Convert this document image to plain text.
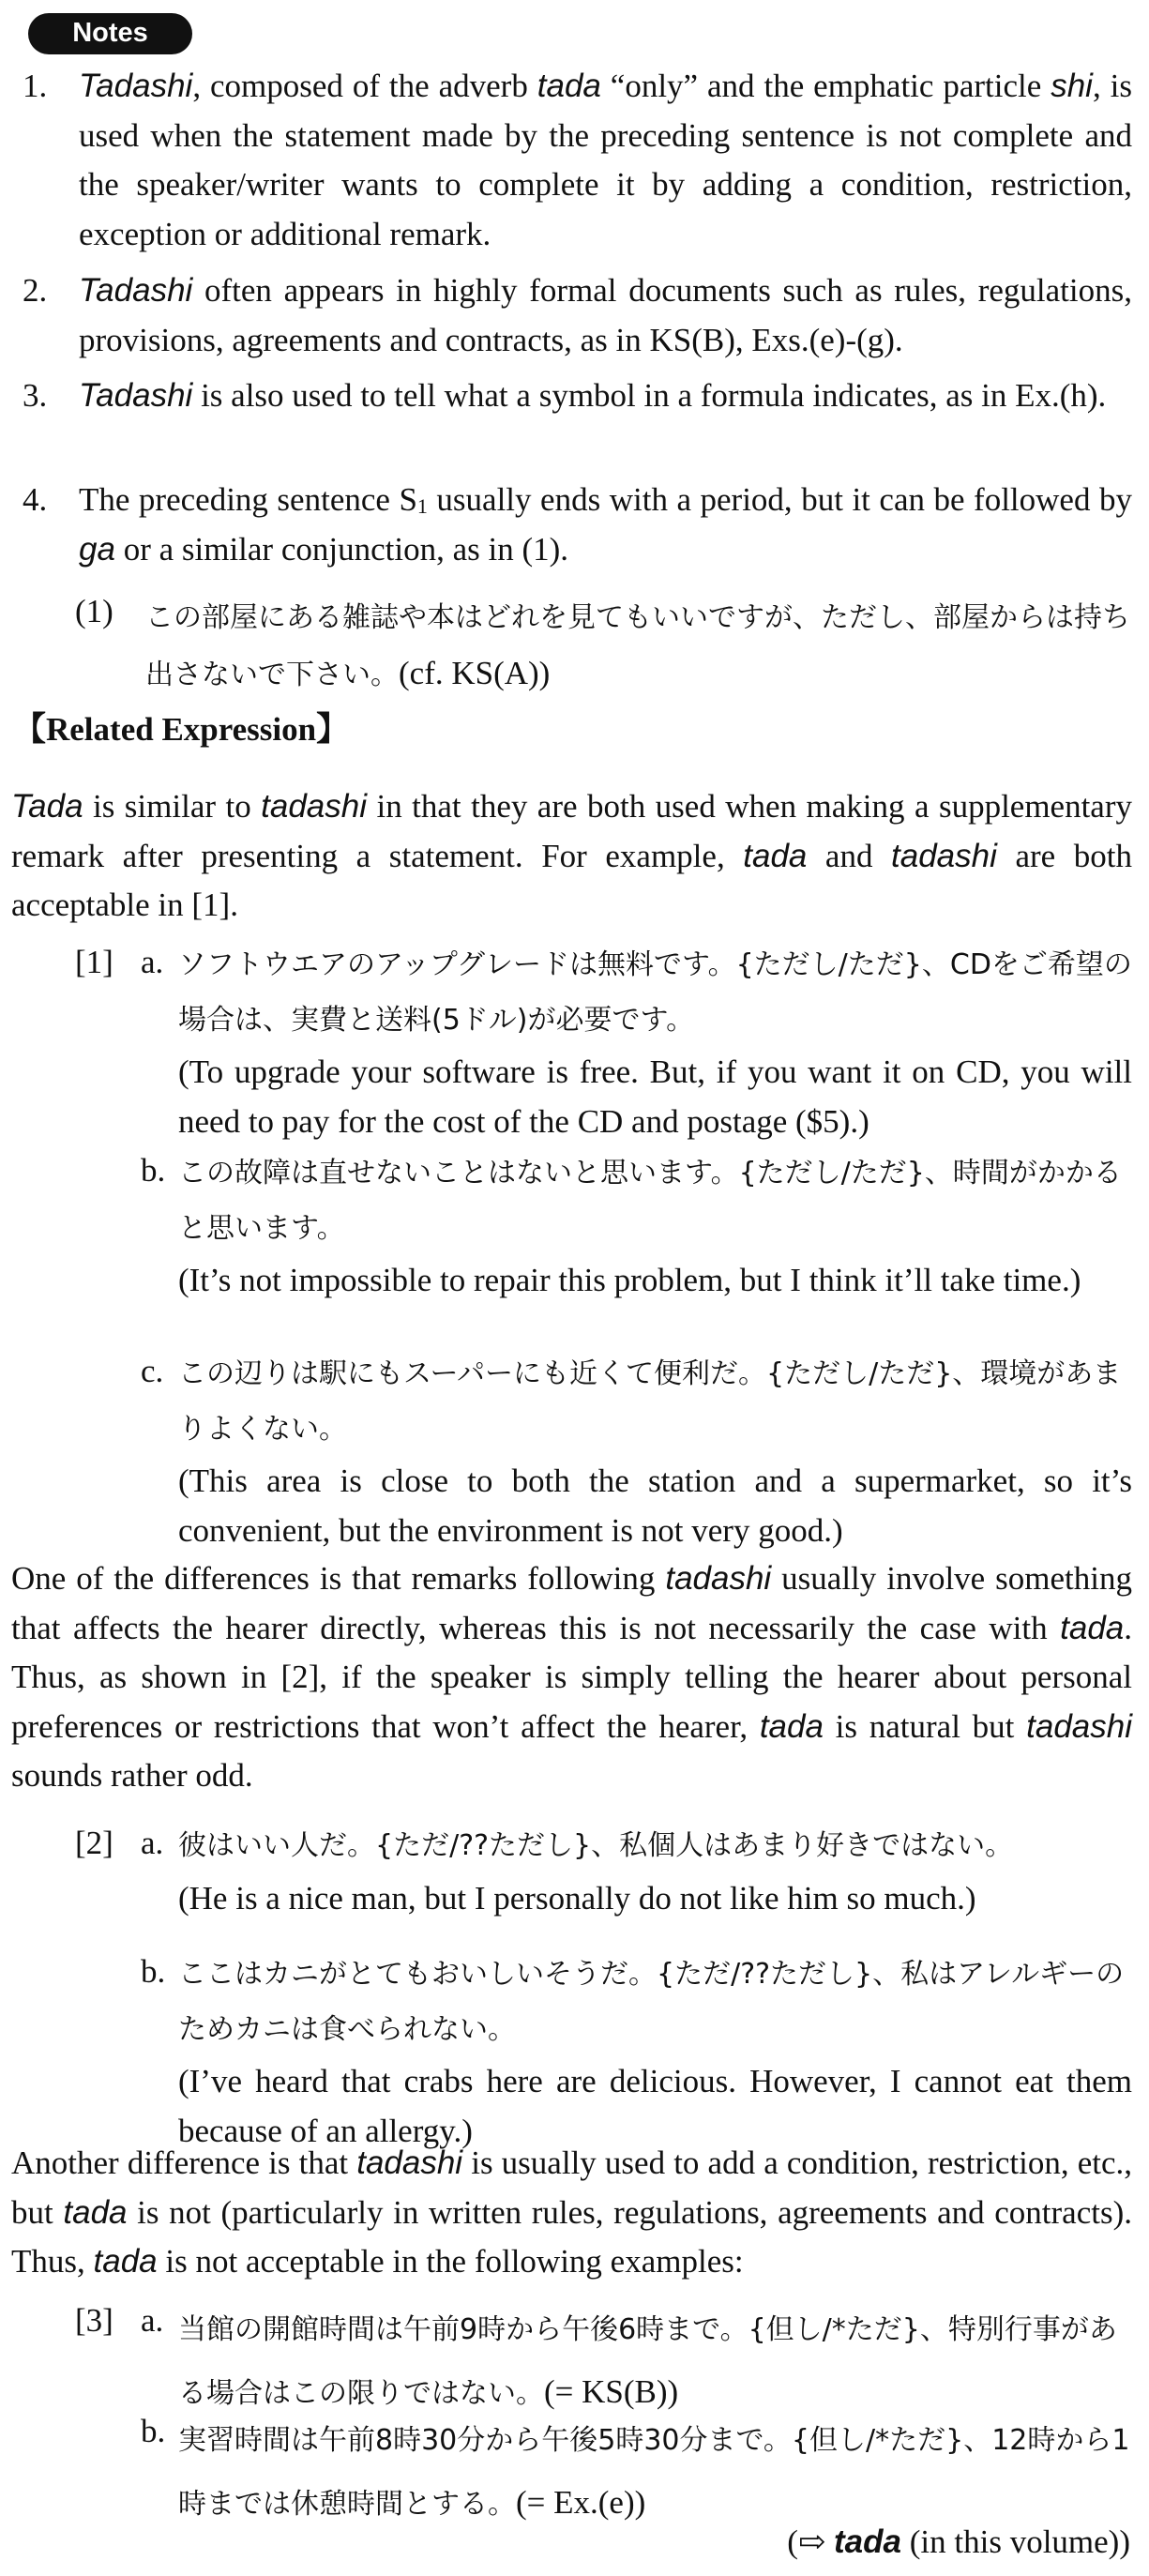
Notes
1. Tadashi, composed of the adverb tada “only” and the emphatic particle shi, is used when the statement made by the preceding sentence is not complete and the speaker/writer wants to complete it by adding a condition, restriction, exception or additional remark.
2. Tadashi often appears in highly formal documents such as rules, regulations, provisions, agreements and contracts, as in KS(B), Exs.(e)-(g).
3. Tadashi is also used to tell what a symbol in a formula indicates, as in Ex.(h).
4. The preceding sentence S1 usually ends with a period, but it can be followed by ga or a similar conjunction, as in (1).
(1)	この部屋にある雑誌や本はどれを見てもいいですが、ただし、部屋からは持ち出さないで下さい。(cf. KS(A))
【Related Expression】
Tada is similar to tadashi in that they are both used when making a supplementary remark after presenting a statement. For example, tada and tadashi are both acceptable in [1].
[1] a. ソフトウエアのアップグレードは無料です。{ただし/ただ}、CDをご希望の場合は、実費と送料(5ドル)が必要です。
(To upgrade your software is free. But, if you want it on CD, you will need to pay for the cost of the CD and postage ($5).)
b. この故障は直せないことはないと思います。{ただし/ただ}、時間がかかると思います。
(It’s not impossible to repair this problem, but I think it’ll take time.)
c. この辺りは駅にもスーパーにも近くて便利だ。{ただし/ただ}、環境があまりよくない。
(This area is close to both the station and a supermarket, so it’s convenient, but the environment is not very good.)
One of the differences is that remarks following tadashi usually involve something that affects the hearer directly, whereas this is not necessarily the case with tada. Thus, as shown in [2], if the speaker is simply telling the hearer about personal preferences or restrictions that won’t affect the hearer, tada is natural but tadashi sounds rather odd.
[2] a. 彼はいい人だ。{ただ/??ただし}、私個人はあまり好きではない。
(He is a nice man, but I personally do not like him so much.)
b. ここはカニがとてもおいしいそうだ。{ただ/??ただし}、私はアレルギーのためカニは食べられない。
(I’ve heard that crabs here are delicious. However, I cannot eat them because of an allergy.)
Another difference is that tadashi is usually used to add a condition, restriction, etc., but tada is not (particularly in written rules, regulations, agreements and contracts). Thus, tada is not acceptable in the following examples:
[3] a. 当館の開館時間は午前9時から午後6時まで。{但し/*ただ}、特別行事がある場合はこの限りではない。(= KS(B))
b. 実習時間は午前8時30分から午後5時30分まで。{但し/*ただ}、12時から1時までは休憩時間とする。(= Ex.(e))
(⇨ tada (in this volume))
